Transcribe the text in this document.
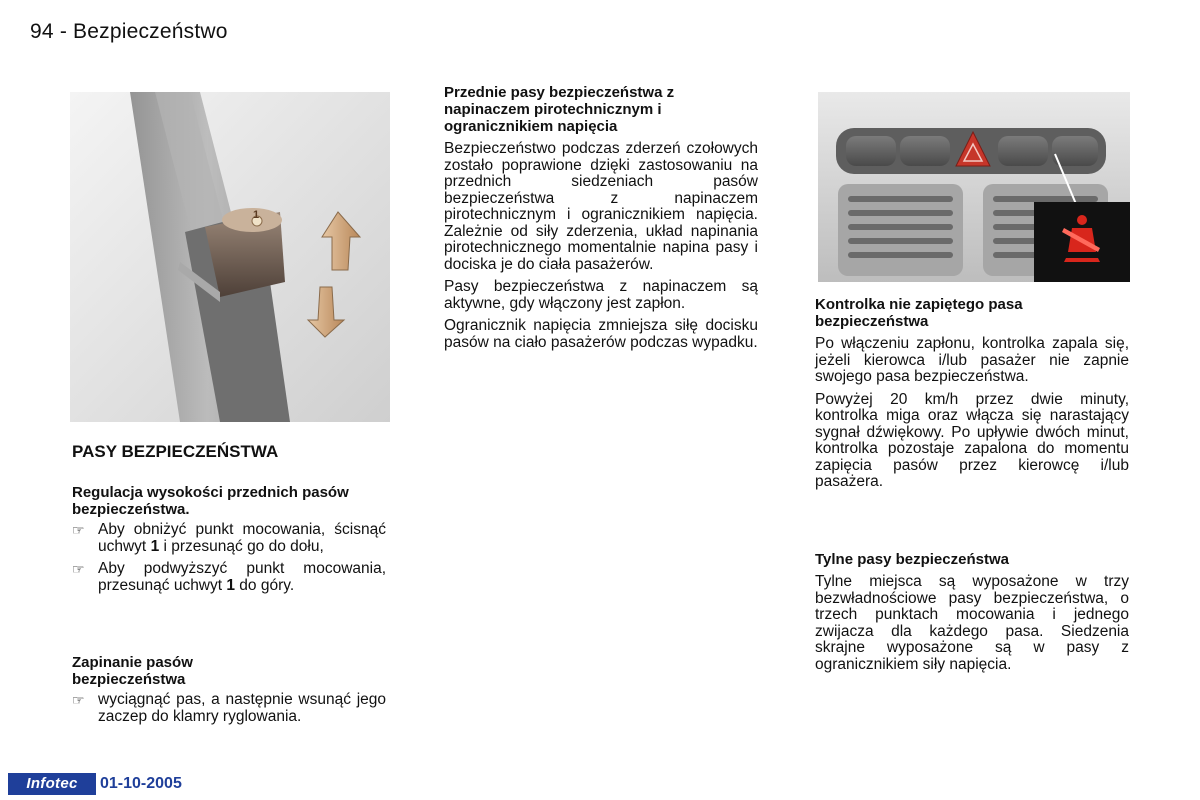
94 - Bezpieczeństwo
1
PASY BEZPIECZEŃSTWA
Regulacja wysokości przednich pasów bezpieczeństwa.
☞ Aby obniżyć punkt mocowania, ścisnąć uchwyt 1 i przesunąć go do dołu,
☞ Aby podwyższyć punkt mocowania, przesunąć uchwyt 1 do góry.
Zapinanie pasów bezpieczeństwa
☞ wyciągnąć pas, a następnie wsunąć jego zaczep do klamry ryglowania.
Przednie pasy bezpieczeństwa z napinaczem pirotechnicznym i ogranicznikiem napięcia

Bezpieczeństwo podczas zderzeń czołowych zostało poprawione dzięki zastosowaniu na przednich siedzeniach pasów bezpieczeństwa z napinaczem pirotechnicznym i ogranicznikiem napięcia. Zależnie od siły zderzenia, układ napinania pirotechnicznego momentalnie napina pasy i dociska je do ciała pasażerów.

Pasy bezpieczeństwa z napinaczem są aktywne, gdy włączony jest zapłon.

Ogranicznik napięcia zmniejsza siłę docisku pasów na ciało pasażerów podczas wypadku.

Kontrolka nie zapiętego pasa bezpieczeństwa

Po włączeniu zapłonu, kontrolka zapala się, jeżeli kierowca i/lub pasażer nie zapnie swojego pasa bezpieczeństwa.

Powyżej 20 km/h przez dwie minuty, kontrolka miga oraz włącza się narastający sygnał dźwiękowy. Po upływie dwóch minut, kontrolka pozostaje zapalona do momentu zapięcia pasów przez kierowcę i/lub pasażera.

Tylne pasy bezpieczeństwa

Tylne miejsca są wyposażone w trzy bezwładnościowe pasy bezpieczeństwa, o trzech punktach mocowania i jednego zwijacza dla każdego pasa. Siedzenia skrajne wyposażone są w pasy z ogranicznikiem siły napięcia.

Infotec	01-10-2005
